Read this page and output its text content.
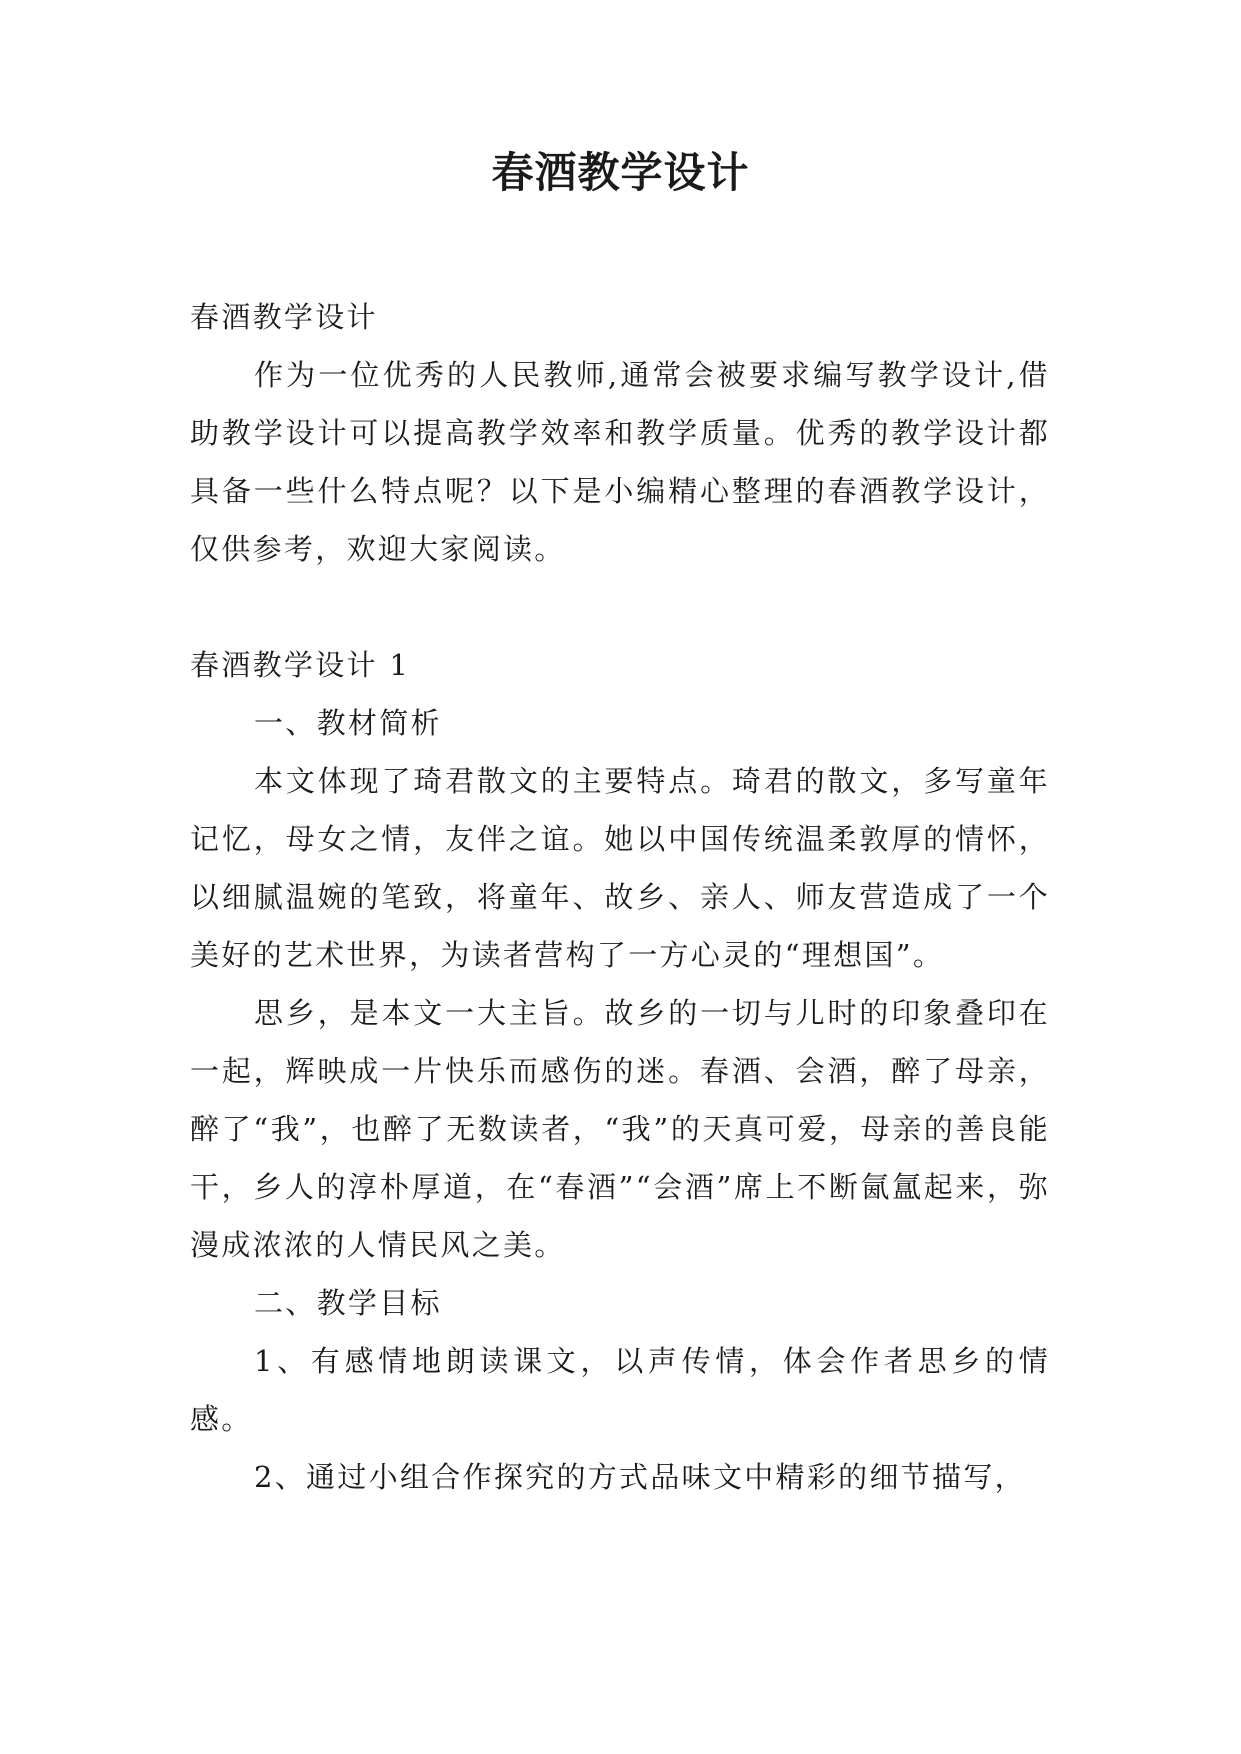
春酒教学设计

春酒教学设计

作为一位优秀的人民教师,通常会被要求编写教学设计,借助教学设计可以提高教学效率和教学质量。优秀的教学设计都具备一些什么特点呢？以下是小编精心整理的春酒教学设计，仅供参考，欢迎大家阅读。

春酒教学设计 1

一、教材简析

本文体现了琦君散文的主要特点。琦君的散文，多写童年记忆，母女之情，友伴之谊。她以中国传统温柔敦厚的情怀，以细腻温婉的笔致，将童年、故乡、亲人、师友营造成了一个美好的艺术世界，为读者营构了一方心灵的“理想国”。

思乡，是本文一大主旨。故乡的一切与儿时的印象叠印在一起，辉映成一片快乐而感伤的迷。春酒、会酒，醉了母亲，醉了“我”，也醉了无数读者，“我”的天真可爱，母亲的善良能干，乡人的淳朴厚道，在“春酒”“会酒”席上不断氤氲起来，弥漫成浓浓的人情民风之美。

二、教学目标

1、有感情地朗读课文，以声传情，体会作者思乡的情感。

2、通过小组合作探究的方式品味文中精彩的细节描写，
